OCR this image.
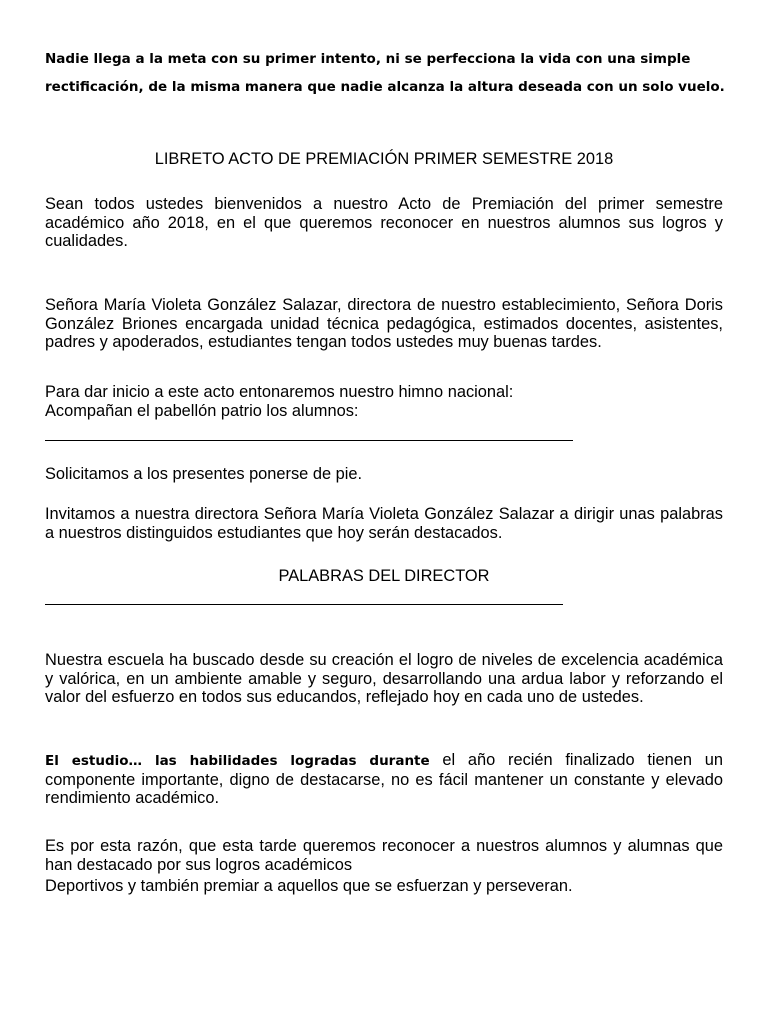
Nadie llega a la meta con su primer intento, ni se perfecciona la vida con una simple rectificación, de la misma manera que nadie alcanza la altura deseada con un solo vuelo.

LIBRETO ACTO DE PREMIACIÓN PRIMER SEMESTRE 2018

Sean todos ustedes bienvenidos a nuestro Acto de Premiación del primer semestre académico año 2018, en el que queremos reconocer en nuestros alumnos sus logros y cualidades.

Señora María Violeta González Salazar, directora de nuestro establecimiento, Señora Doris González Briones encargada unidad técnica pedagógica, estimados docentes, asistentes, padres y apoderados, estudiantes tengan todos ustedes muy buenas tardes.

Para dar inicio a este acto entonaremos nuestro himno nacional:
Acompañan el pabellón patrio los alumnos:

Solicitamos a los presentes ponerse de pie.

Invitamos a nuestra directora Señora María Violeta González Salazar a dirigir unas palabras a nuestros distinguidos estudiantes que hoy serán destacados.

PALABRAS DEL DIRECTOR

Nuestra escuela ha buscado desde su creación el logro de niveles de excelencia académica y valórica, en un ambiente amable y seguro, desarrollando una ardua labor y reforzando el valor del esfuerzo en todos sus educandos, reflejado hoy en cada uno de ustedes.

El estudio… las habilidades logradas durante el año recién finalizado tienen un componente importante, digno de destacarse, no es fácil mantener un constante y elevado rendimiento académico.

Es por esta razón, que esta tarde queremos reconocer a nuestros alumnos y alumnas que han destacado por sus logros académicos

Deportivos y también premiar a aquellos que se esfuerzan y perseveran.
